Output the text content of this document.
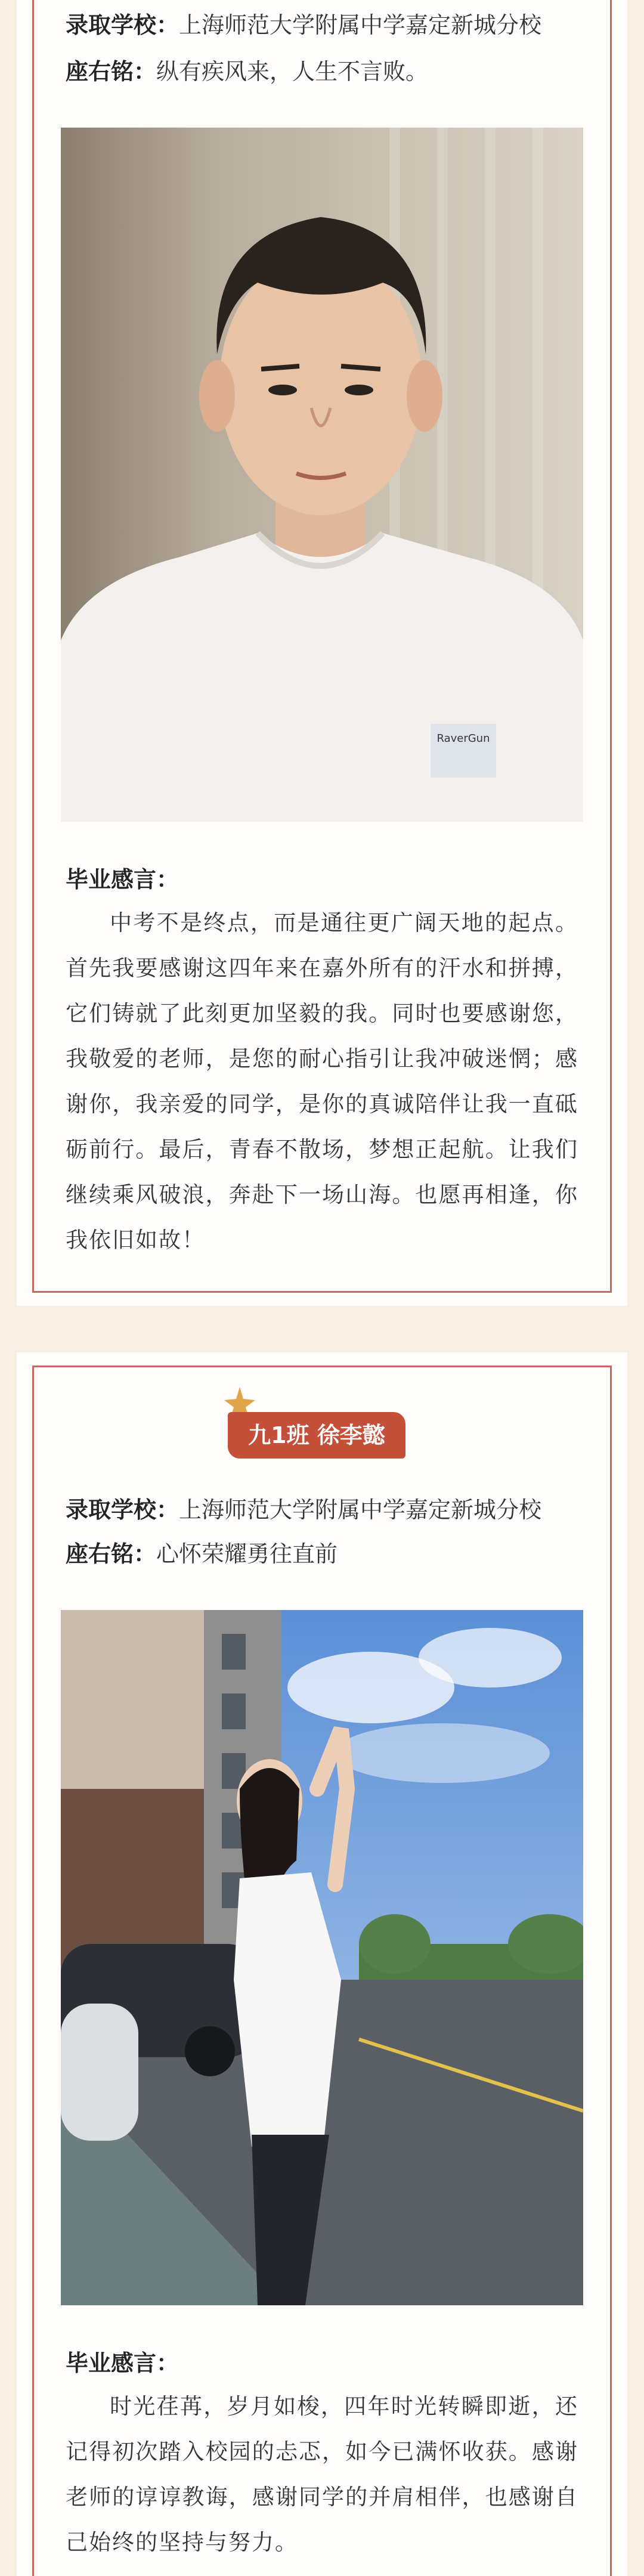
录取学校：上海师范大学附属中学嘉定新城分校
座右铭：纵有疾风来，人生不言败。
RaverGun
毕业感言：

中考不是终点，而是通往更广阔天地的起点。首先我要感谢这四年来在嘉外所有的汗水和拼搏，它们铸就了此刻更加坚毅的我。同时也要感谢您，我敬爱的老师，是您的耐心指引让我冲破迷惘；感谢你，我亲爱的同学，是你的真诚陪伴让我一直砥砺前行。最后，青春不散场，梦想正起航。让我们继续乘风破浪，奔赴下一场山海。也愿再相逢，你我依旧如故！

九1班 徐李懿
录取学校：上海师范大学附属中学嘉定新城分校
座右铭：心怀荣耀勇往直前
毕业感言：

时光荏苒，岁月如梭，四年时光转瞬即逝，还记得初次踏入校园的忐忑，如今已满怀收获。感谢老师的谆谆教诲，感谢同学的并肩相伴，也感谢自己始终的坚持与努力。
